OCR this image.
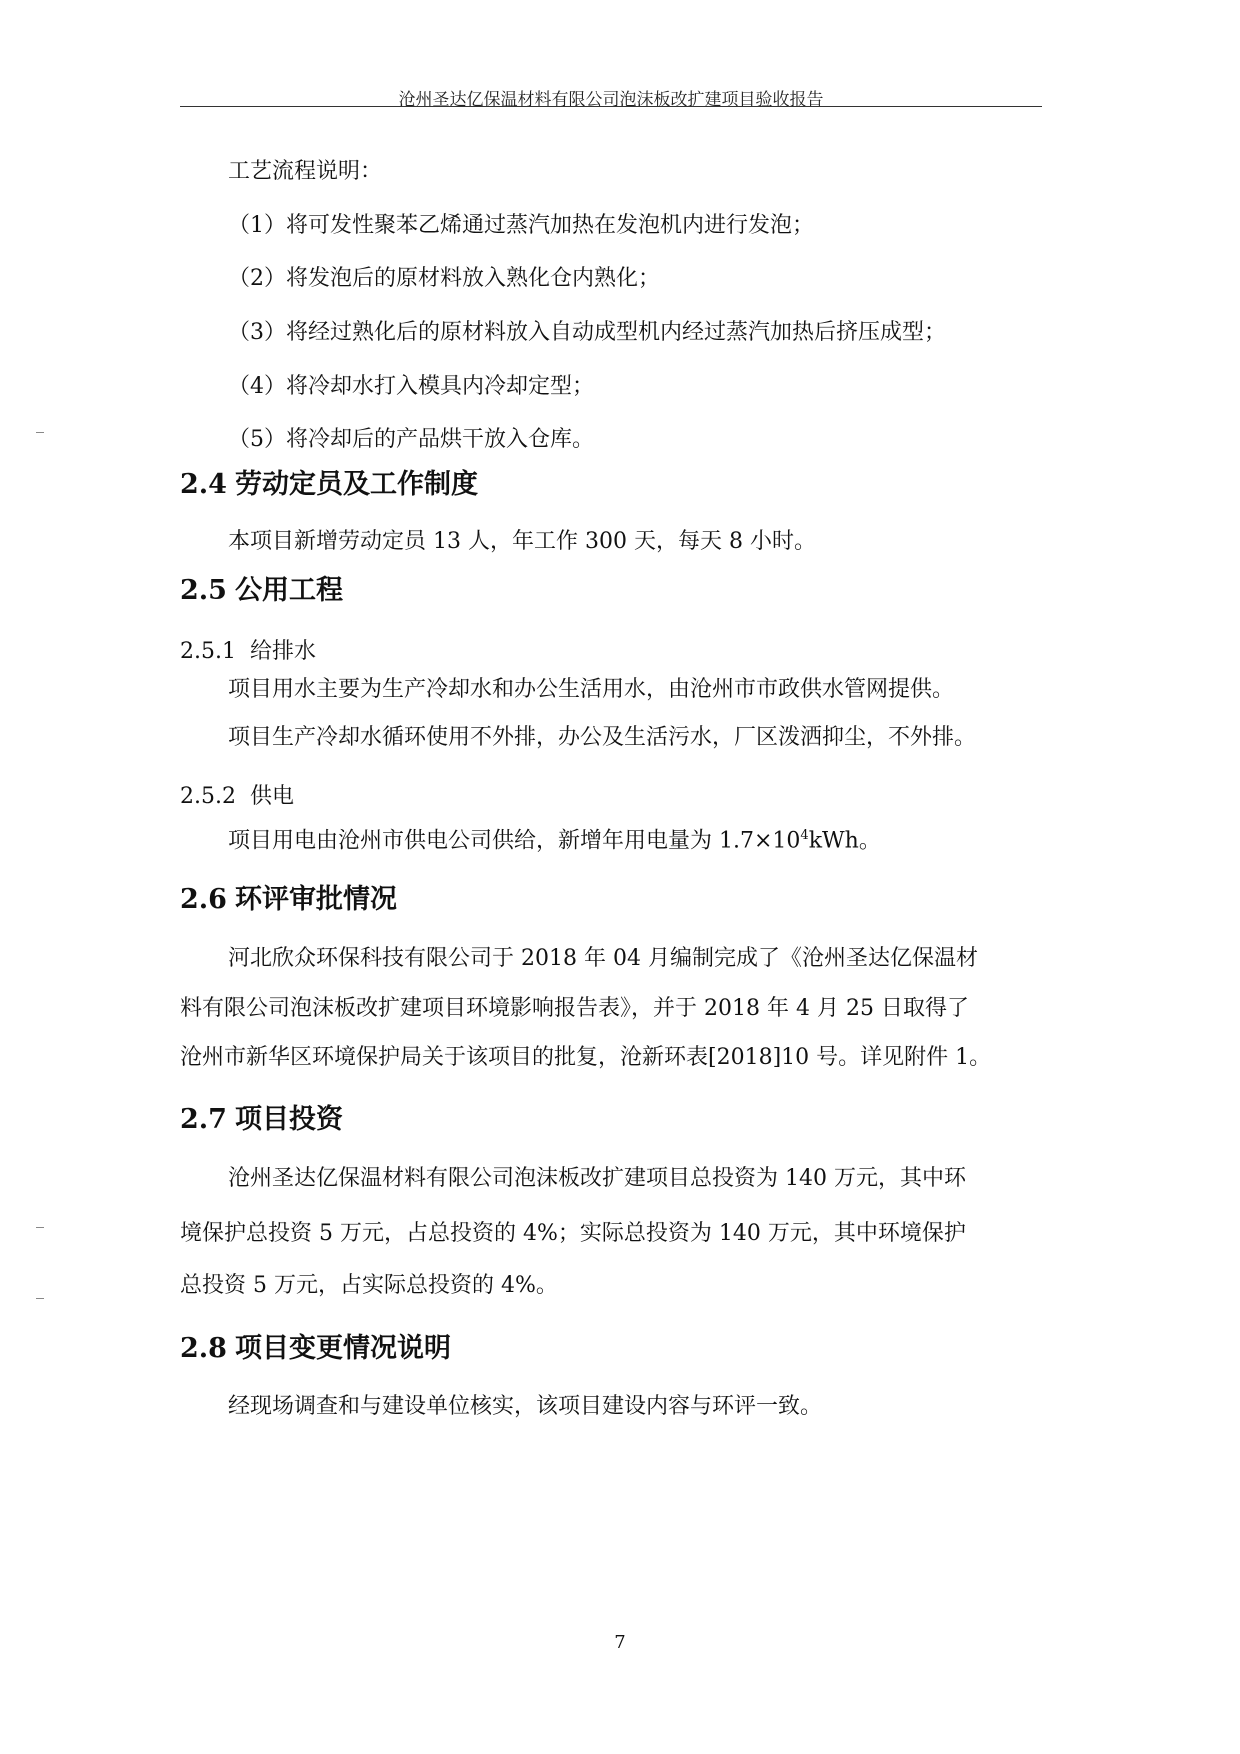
沧州圣达亿保温材料有限公司泡沫板改扩建项目验收报告
工艺流程说明：
（1）将可发性聚苯乙烯通过蒸汽加热在发泡机内进行发泡；
（2）将发泡后的原材料放入熟化仓内熟化；
（3）将经过熟化后的原材料放入自动成型机内经过蒸汽加热后挤压成型；
（4）将冷却水打入模具内冷却定型；
（5）将冷却后的产品烘干放入仓库。
2.4 劳动定员及工作制度
本项目新增劳动定员 13 人，年工作 300 天，每天 8 小时。
2.5 公用工程
2.5.1 给排水
项目用水主要为生产冷却水和办公生活用水，由沧州市市政供水管网提供。
项目生产冷却水循环使用不外排，办公及生活污水，厂区泼洒抑尘，不外排。
2.5.2 供电
项目用电由沧州市供电公司供给，新增年用电量为 $1.7\times 10^4kWh$。
2.6 环评审批情况
河北欣众环保科技有限公司于 2018 年 04 月编制完成了《沧州圣达亿保温材
料有限公司泡沫板改扩建项目环境影响报告表》，并于 2018 年 4 月 25 日取得了
沧州市新华区环境保护局关于该项目的批复，沧新环表[2018]10 号。详见附件 1。
2.7 项目投资
沧州圣达亿保温材料有限公司泡沫板改扩建项目总投资为 140 万元，其中环
境保护总投资 5 万元，占总投资的 4%；实际总投资为 140 万元，其中环境保护
总投资 5 万元，占实际总投资的 4%。
2.8 项目变更情况说明
经现场调查和与建设单位核实，该项目建设内容与环评一致。
7
